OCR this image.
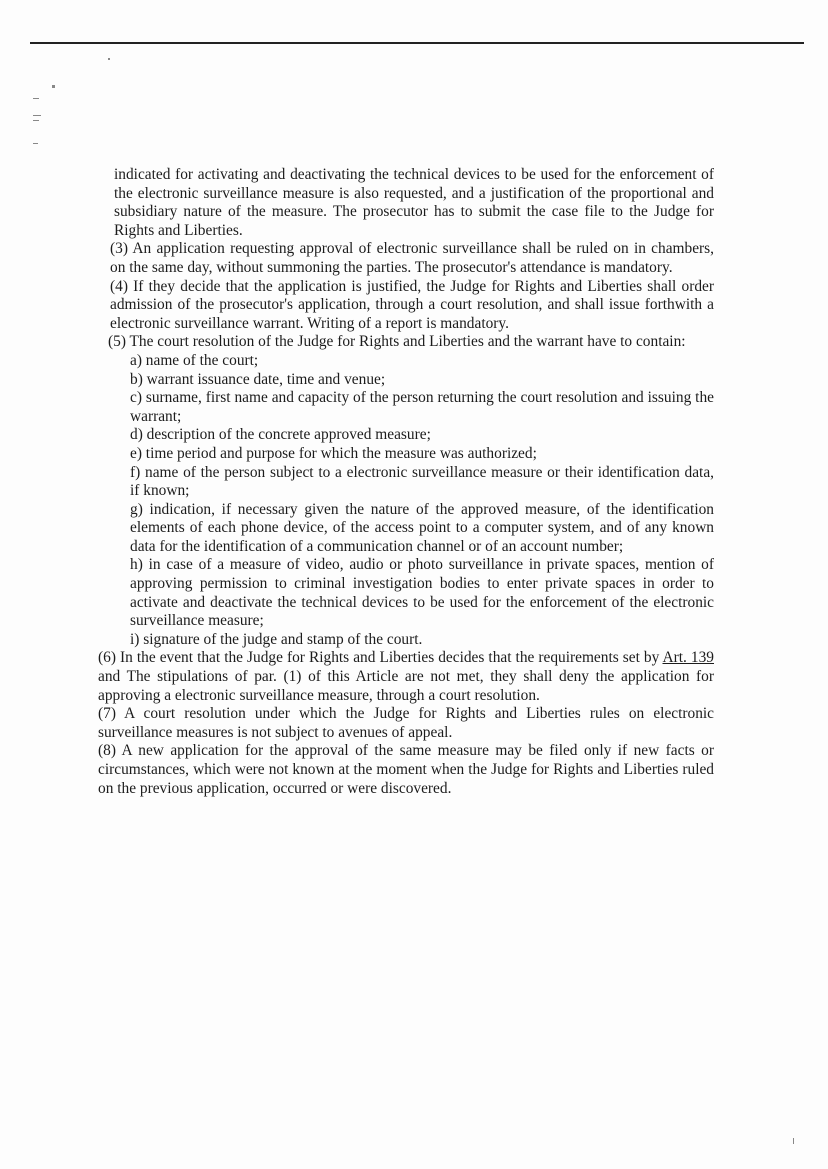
indicated for activating and deactivating the technical devices to be used for the enforcement of the electronic surveillance measure is also requested, and a justification of the proportional and subsidiary nature of the measure. The prosecutor has to submit the case file to the Judge for Rights and Liberties.

(3) An application requesting approval of electronic surveillance shall be ruled on in chambers, on the same day, without summoning the parties. The prosecutor's attendance is mandatory.

(4) If they decide that the application is justified, the Judge for Rights and Liberties shall order admission of the prosecutor's application, through a court resolution, and shall issue forthwith a electronic surveillance warrant. Writing of a report is mandatory.

(5) The court resolution of the Judge for Rights and Liberties and the warrant have to contain:

a) name of the court;

b) warrant issuance date, time and venue;

c) surname, first name and capacity of the person returning the court resolution and issuing the warrant;

d) description of the concrete approved measure;

e) time period and purpose for which the measure was authorized;

f) name of the person subject to a electronic surveillance measure or their identification data, if known;

g) indication, if necessary given the nature of the approved measure, of the identification elements of each phone device, of the access point to a computer system, and of any known data for the identification of a communication channel or of an account number;

h) in case of a measure of video, audio or photo surveillance in private spaces, mention of approving permission to criminal investigation bodies to enter private spaces in order to activate and deactivate the technical devices to be used for the enforcement of the electronic surveillance measure;

i) signature of the judge and stamp of the court.

(6) In the event that the Judge for Rights and Liberties decides that the requirements set by Art. 139 and The stipulations of par. (1) of this Article are not met, they shall deny the application for approving a electronic surveillance measure, through a court resolution.

(7) A court resolution under which the Judge for Rights and Liberties rules on electronic surveillance measures is not subject to avenues of appeal.

(8) A new application for the approval of the same measure may be filed only if new facts or circumstances, which were not known at the moment when the Judge for Rights and Liberties ruled on the previous application, occurred or were discovered.
